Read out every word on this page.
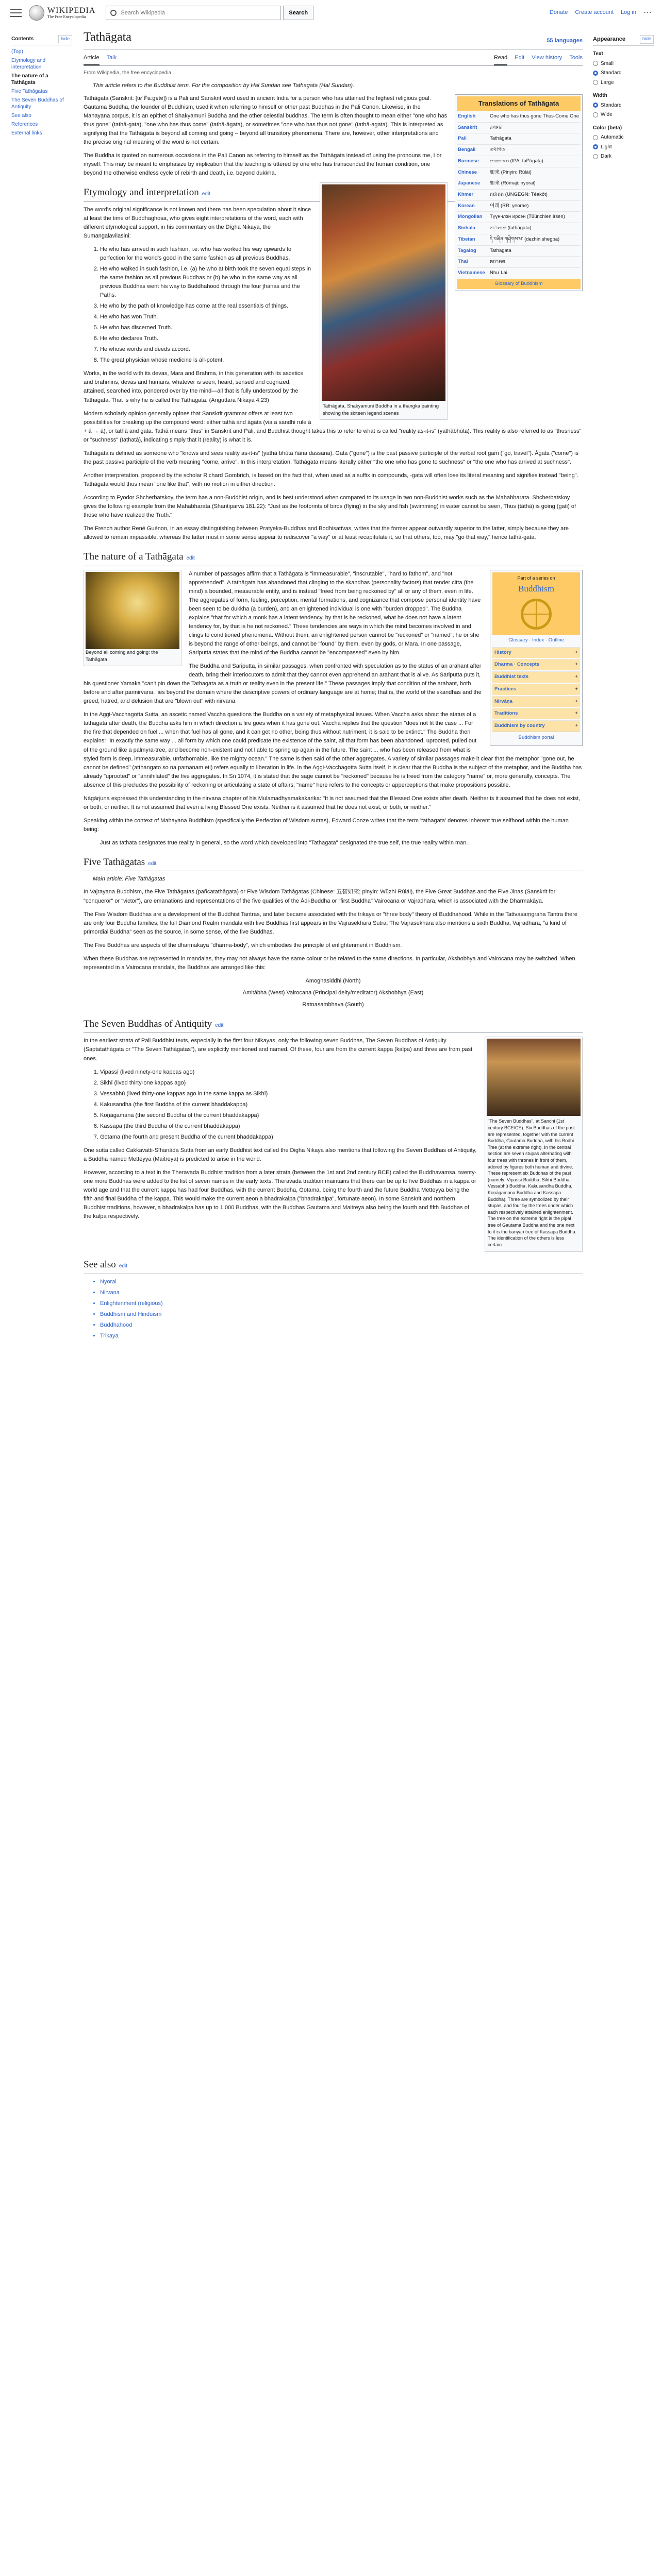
WIKIPEDIA
The Free Encyclopedia
Search Wikipedia
Search	Donate Create account Log in ⋯
Contents	hide
(Top)
Etymology and interpretation
The nature of a Tathāgata
Five Tathāgatas
The Seven Buddhas of Antiquity
See also
References
External links
Appearance	hide
Text
Small
Standard
Large
Width
Standard
Wide
Color (beta)
Automatic
Light
Dark
Tathāgata	55 languages
Article Talk	Read Edit View history Tools
From Wikipedia, the free encyclopedia
This article refers to the Buddhist term. For the composition by Hal Sundan see Tathagata (Hal Sundan).
Translations of Tathāgata
English	One who has thus gone Thus-Come One
Sanskrit	तथागत
Pali	Tathāgata
Bengali	তথাগত
Burmese	တထာဂတ (IPA: tətʰàɡəta̰)
Chinese	如來 (Pinyin: Rúlái)
Japanese	如来 (Rōmaji: nyorai)
Khmer	តថាគត (UNGEGN: Téakôt)
Korean	여래 (RR: yeorae)
Mongolian	Түүнчлэн ирсэн (Tüünchlen irsen)
Sinhala	තථාගත (tathāgata)
Tibetan	དེ་བཞིན་གཤེགས་པ་ (dezhin shegpa)
Tagalog	Tathagata
Thai	ตถาคต
Vietnamese Như Lai
Glossary of Buddhism

Tathāgata (Sanskrit: [tɐˈtʰaːɡɐtɐ]) is a Pali and Sanskrit word used in ancient India for a person who has attained the highest religious goal. Gautama Buddha, the founder of Buddhism, used it when referring to himself or other past Buddhas in the Pali Canon. Likewise, in the Mahayana corpus, it is an epithet of Shakyamuni Buddha and the other celestial buddhas. The term is often thought to mean either "one who has thus gone" (tathā-gata), "one who has thus come" (tathā-āgata), or sometimes "one who has thus not gone" (tathā-agata). This is interpreted as signifying that the Tathāgata is beyond all coming and going – beyond all transitory phenomena. There are, however, other interpretations and the precise original meaning of the word is not certain.

The Buddha is quoted on numerous occasions in the Pali Canon as referring to himself as the Tathāgata instead of using the pronouns me, I or myself. This may be meant to emphasize by implication that the teaching is uttered by one who has transcended the human condition, one beyond the otherwise endless cycle of rebirth and death, i.e. beyond dukkha.

Tathāgata, Shakyamuni Buddha in a thangka painting showing the sixteen legend scenes
Etymology and interpretation edit

The word's original significance is not known and there has been speculation about it since at least the time of Buddhaghosa, who gives eight interpretations of the word, each with different etymological support, in his commentary on the Dīgha Nikaya, the Sumangalavilasini:

1. He who has arrived in such fashion, i.e. who has worked his way upwards to perfection for the world's good in the same fashion as all previous Buddhas.
2. He who walked in such fashion, i.e. (a) he who at birth took the seven equal steps in the same fashion as all previous Buddhas or (b) he who in the same way as all previous Buddhas went his way to Buddhahood through the four jhanas and the Paths.
3. He who by the path of knowledge has come at the real essentials of things.
4. He who has won Truth.
5. He who has discerned Truth.
6. He who declares Truth.
7. He whose words and deeds accord.
8. The great physician whose medicine is all-potent.

Works, in the world with its devas, Mara and Brahma, in this generation with its ascetics and brahmins, devas and humans, whatever is seen, heard, sensed and cognized, attained, searched into, pondered over by the mind—all that is fully understood by the Tathagata. That is why he is called the Tathagata. (Anguttara Nikaya 4:23)

Modern scholarly opinion generally opines that Sanskrit grammar offers at least two possibilities for breaking up the compound word: either tathā and āgata (via a sandhi rule ā + ā → ā), or tathā and gata. Tathā means "thus" in Sanskrit and Pali, and Buddhist thought takes this to refer to what is called "reality as-it-is" (yathābhūta). This reality is also referred to as "thusness" or "suchness" (tathatā), indicating simply that it (reality) is what it is.

Tathāgata is defined as someone who "knows and sees reality as-it-is" (yathā bhūta ñāna dassana). Gata ("gone") is the past passive participle of the verbal root gam ("go, travel"). Āgata ("come") is the past passive participle of the verb meaning "come, arrive". In this interpretation, Tathāgata means literally either "the one who has gone to suchness" or "the one who has arrived at suchness".

Another interpretation, proposed by the scholar Richard Gombrich, is based on the fact that, when used as a suffix in compounds, -gata will often lose its literal meaning and signifies instead "being". Tathāgata would thus mean "one like that", with no motion in either direction.

According to Fyodor Shcherbatskoy, the term has a non-Buddhist origin, and is best understood when compared to its usage in two non-Buddhist works such as the Mahabharata. Shcherbatskoy gives the following example from the Mahabharata (Shantiparva 181.22): "Just as the footprints of birds (flying) in the sky and fish (swimming) in water cannot be seen, Thus (tāthā) is going (gati) of those who have realized the Truth."

The French author René Guénon, in an essay distinguishing between Pratyeka-Buddhas and Bodhisattvas, writes that the former appear outwardly superior to the latter, simply because they are allowed to remain impassible, whereas the latter must in some sense appear to rediscover "a way" or at least recapitulate it, so that others, too, may "go that way," hence tathā-gata.

The nature of a Tathāgata edit
Part of a series on
Buddhism
Glossary · Index · Outline
History	+
Dharma · Concepts	+
Buddhist texts	+
Practices	+
Nirvāṇa	+
Traditions	+
Buddhism by country	+
Buddhism portal
Beyond all coming and going: the Tathāgata

A number of passages affirm that a Tathāgata is "immeasurable", "inscrutable", "hard to fathom", and "not apprehended". A tathāgata has abandoned that clinging to the skandhas (personality factors) that render citta (the mind) a bounded, measurable entity, and is instead "freed from being reckoned by" all or any of them, even in life. The aggregates of form, feeling, perception, mental formations, and cognizance that compose personal identity have been seen to be dukkha (a burden), and an enlightened individual is one with "burden dropped". The Buddha explains "that for which a monk has a latent tendency, by that is he reckoned, what he does not have a latent tendency for, by that is he not reckoned." These tendencies are ways in which the mind becomes involved in and clings to conditioned phenomena. Without them, an enlightened person cannot be "reckoned" or "named"; he or she is beyond the range of other beings, and cannot be "found" by them, even by gods, or Mara. In one passage, Sariputta states that the mind of the Buddha cannot be "encompassed" even by him.

The Buddha and Sariputta, in similar passages, when confronted with speculation as to the status of an arahant after death, bring their interlocutors to admit that they cannot even apprehend an arahant that is alive. As Sariputta puts it, his questioner Yamaka "can't pin down the Tathagata as a truth or reality even in the present life." These passages imply that condition of the arahant, both before and after parinirvana, lies beyond the domain where the descriptive powers of ordinary language are at home; that is, the world of the skandhas and the greed, hatred, and delusion that are "blown out" with nirvana.

In the Aggi-Vacchagotta Sutta, an ascetic named Vaccha questions the Buddha on a variety of metaphysical issues. When Vaccha asks about the status of a tathagata after death, the Buddha asks him in which direction a fire goes when it has gone out. Vaccha replies that the question "does not fit the case ... For the fire that depended on fuel ... when that fuel has all gone, and it can get no other, being thus without nutriment, it is said to be extinct." The Buddha then explains: "In exactly the same way ... all form by which one could predicate the existence of the saint, all that form has been abandoned, uprooted, pulled out of the ground like a palmyra-tree, and become non-existent and not liable to spring up again in the future. The saint ... who has been released from what is styled form is deep, immeasurable, unfathomable, like the mighty ocean." The same is then said of the other aggregates. A variety of similar passages make it clear that the metaphor "gone out, he cannot be defined" (atthangato so na pamanam eti) refers equally to liberation in life. In the Aggi-Vacchagotta Sutta itself, it is clear that the Buddha is the subject of the metaphor, and the Buddha has already "uprooted" or "annihilated" the five aggregates. In Sn 1074, it is stated that the sage cannot be "reckoned" because he is freed from the category "name" or, more generally, concepts. The absence of this precludes the possibility of reckoning or articulating a state of affairs; "name" here refers to the concepts or apperceptions that make propositions possible.

Nāgārjuna expressed this understanding in the nirvana chapter of his Mulamadhyamakakarika: "It is not assumed that the Blessed One exists after death. Neither is it assumed that he does not exist, or both, or neither. It is not assumed that even a living Blessed One exists. Neither is it assumed that he does not exist, or both, or neither."

Speaking within the context of Mahayana Buddhism (specifically the Perfection of Wisdom sutras), Edward Conze writes that the term 'tathagata' denotes inherent true selfhood within the human being:

Just as tathata designates true reality in general, so the word which developed into "Tathagata" designated the true self, the true reality within man.
Five Tathāgatas edit
Main article: Five Tathāgatas

In Vajrayana Buddhism, the Five Tathāgatas (pañcatathāgata) or Five Wisdom Tathāgatas (Chinese: 五智如來; pinyin: Wǔzhì Rúlái), the Five Great Buddhas and the Five Jinas (Sanskrit for "conqueror" or "victor"), are emanations and representations of the five qualities of the Ādi-Buddha or "first Buddha" Vairocana or Vajradhara, which is associated with the Dharmakāya.

The Five Wisdom Buddhas are a development of the Buddhist Tantras, and later became associated with the trikaya or "three body" theory of Buddhahood. While in the Tattvasaṃgraha Tantra there are only four Buddha families, the full Diamond Realm mandala with five Buddhas first appears in the Vajrasekhara Sutra. The Vajrasekhara also mentions a sixth Buddha, Vajradhara, "a kind of primordial Buddha" seen as the source, in some sense, of the five Buddhas.

The Five Buddhas are aspects of the dharmakaya "dharma-body", which embodies the principle of enlightenment in Buddhism.

When these Buddhas are represented in mandalas, they may not always have the same colour or be related to the same directions. In particular, Akshobhya and Vairocana may be switched. When represented in a Vairocana mandala, the Buddhas are arranged like this:

Amoghasiddhi (North)
Amitābha (West) Vairocana (Principal deity/meditator) Akshobhya (East)
Ratnasambhava (South)
The Seven Buddhas of Antiquity edit
"The Seven Buddhas", at Sanchi (1st century BCE/CE). Six Buddhas of the past are represented, together with the current Buddha, Gautama Buddha, with his Bodhi Tree (at the extreme right). In the central section are seven stupas alternating with four trees with thrones in front of them, adored by figures both human and divine. These represent six Buddhas of the past (namely: Vipassī Buddha, Sikhī Buddha, Vessabhū Buddha, Kakusandha Buddha, Koṇāgamana Buddha and Kassapa Buddha). Three are symbolized by their stupas, and four by the trees under which each respectively attained enlightenment. The tree on the extreme right is the pipal tree of Gautama Buddha and the one next to it is the banyan tree of Kassapa Buddha. The identification of the others is less certain.

In the earliest strata of Pali Buddhist texts, especially in the first four Nikayas, only the following seven Buddhas, The Seven Buddhas of Antiquity (Saptatathāgata or "The Seven Tathāgatas"), are explicitly mentioned and named. Of these, four are from the current kappa (kalpa) and three are from past ones.

1. Vipassī (lived ninety-one kappas ago)
2. Sikhī (lived thirty-one kappas ago)
3. Vessabhū (lived thirty-one kappas ago in the same kappa as Sikhī)
4. Kakusandha (the first Buddha of the current bhaddakappa)
5. Koṇāgamana (the second Buddha of the current bhaddakappa)
6. Kassapa (the third Buddha of the current bhaddakappa)
7. Gotama (the fourth and present Buddha of the current bhaddakappa)

One sutta called Cakkavatti-Sīhanāda Sutta from an early Buddhist text called the Digha Nikaya also mentions that following the Seven Buddhas of Antiquity, a Buddha named Metteyya (Maitreya) is predicted to arise in the world.

However, according to a text in the Theravada Buddhist tradition from a later strata (between the 1st and 2nd century BCE) called the Buddhavamsa, twenty-one more Buddhas were added to the list of seven names in the early texts. Theravada tradition maintains that there can be up to five Buddhas in a kappa or world age and that the current kappa has had four Buddhas, with the current Buddha, Gotama, being the fourth and the future Buddha Metteyya being the fifth and final Buddha of the kappa. This would make the current aeon a bhadrakalpa ("bhadrakalpa", fortunate aeon). In some Sanskrit and northern Buddhist traditions, however, a bhadrakalpa has up to 1,000 Buddhas, with the Buddhas Gautama and Maitreya also being the fourth and fifth Buddhas of the kalpa respectively.

See also edit
• Nyorai
• Nirvana
• Enlightenment (religious)
• Buddhism and Hinduism
• Buddhahood
• Trikaya
